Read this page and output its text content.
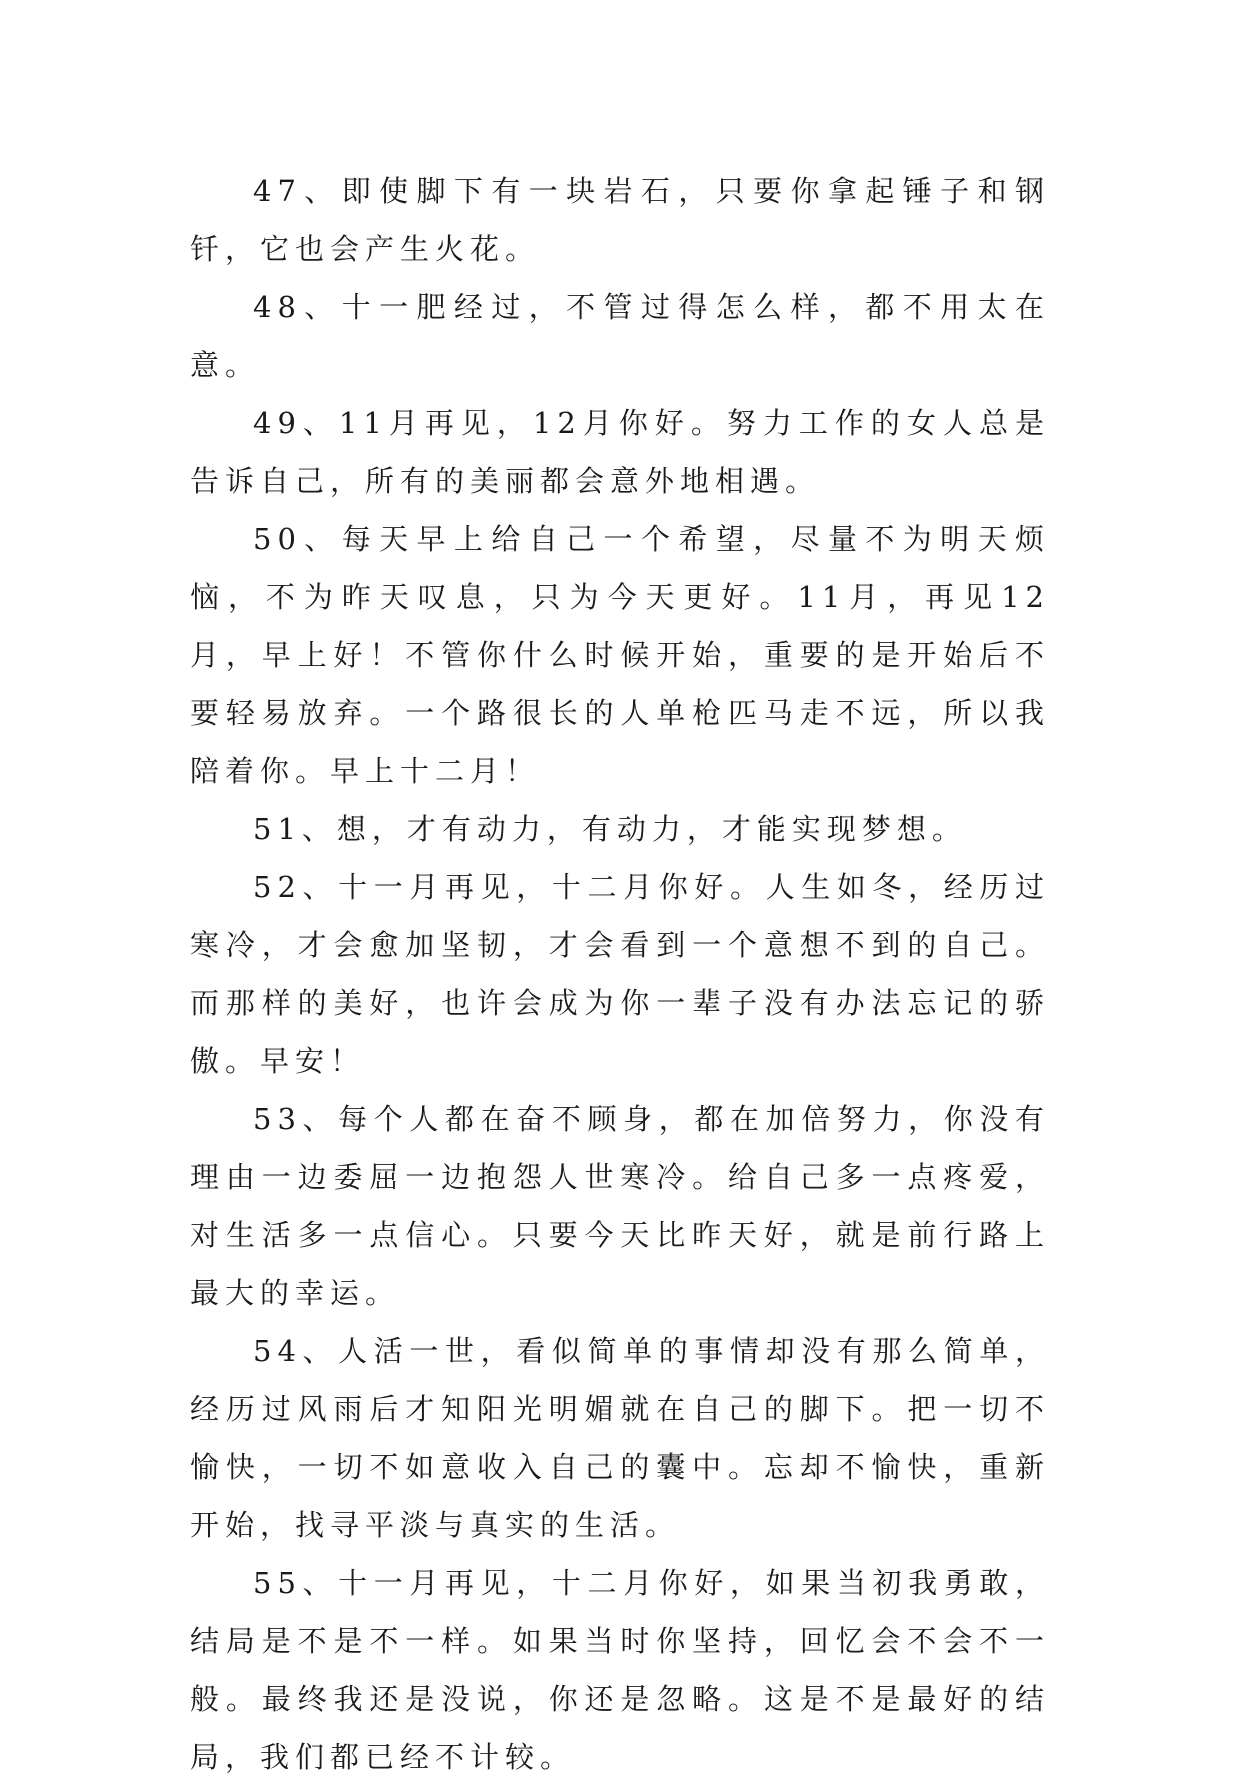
47、即使脚下有一块岩石，只要你拿起锤子和钢钎，它也会产生火花。

48、十一肥经过，不管过得怎么样，都不用太在意。

49、11月再见，12月你好。努力工作的女人总是告诉自己，所有的美丽都会意外地相遇。

50、每天早上给自己一个希望，尽量不为明天烦恼，不为昨天叹息，只为今天更好。11月，再见12月，早上好！不管你什么时候开始，重要的是开始后不要轻易放弃。一个路很长的人单枪匹马走不远，所以我陪着你。早上十二月！

51、想，才有动力，有动力，才能实现梦想。

52、十一月再见，十二月你好。人生如冬，经历过寒冷，才会愈加坚韧，才会看到一个意想不到的自己。而那样的美好，也许会成为你一辈子没有办法忘记的骄傲。早安！

53、每个人都在奋不顾身，都在加倍努力，你没有理由一边委屈一边抱怨人世寒冷。给自己多一点疼爱，对生活多一点信心。只要今天比昨天好，就是前行路上最大的幸运。

54、人活一世，看似简单的事情却没有那么简单，经历过风雨后才知阳光明媚就在自己的脚下。把一切不愉快，一切不如意收入自己的囊中。忘却不愉快，重新开始，找寻平淡与真实的生活。

55、十一月再见，十二月你好，如果当初我勇敢，结局是不是不一样。如果当时你坚持，回忆会不会不一般。最终我还是没说，你还是忽略。这是不是最好的结局，我们都已经不计较。
